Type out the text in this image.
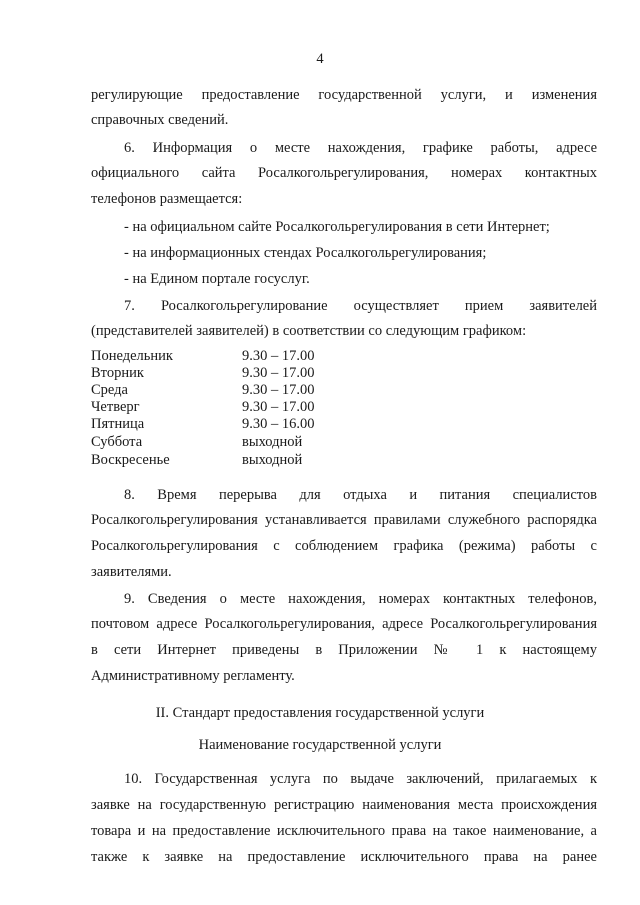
4
регулирующие предоставление государственной услуги, и изменения
справочных сведений.
6. Информация о месте нахождения, графике работы, адресе
официального сайта Росалкогольрегулирования, номерах контактных
телефонов размещается:
- на официальном сайте Росалкогольрегулирования в сети Интернет;
- на информационных стендах Росалкогольрегулирования;
- на Едином портале госуслуг.
7. Росалкогольрегулирование осуществляет прием заявителей
(представителей заявителей) в соответствии со следующим графиком:
Понедельник	9.30 – 17.00
Вторник	9.30 – 17.00
Среда	9.30 – 17.00
Четверг	9.30 – 17.00
Пятница	9.30 – 16.00
Суббота	выходной
Воскресенье	выходной
8. Время перерыва для отдыха и питания специалистов
Росалкогольрегулирования устанавливается правилами служебного распорядка
Росалкогольрегулирования с соблюдением графика (режима) работы с
заявителями.
9. Сведения о месте нахождения, номерах контактных телефонов,
почтовом адресе Росалкогольрегулирования, адресе Росалкогольрегулирования
в сети Интернет приведены в Приложении № 1 к настоящему
Административному регламенту.
II. Стандарт предоставления государственной услуги
Наименование государственной услуги
10. Государственная услуга по выдаче заключений, прилагаемых к
заявке на государственную регистрацию наименования места происхождения
товара и на предоставление исключительного права на такое наименование, а
также к заявке на предоставление исключительного права на ранее
